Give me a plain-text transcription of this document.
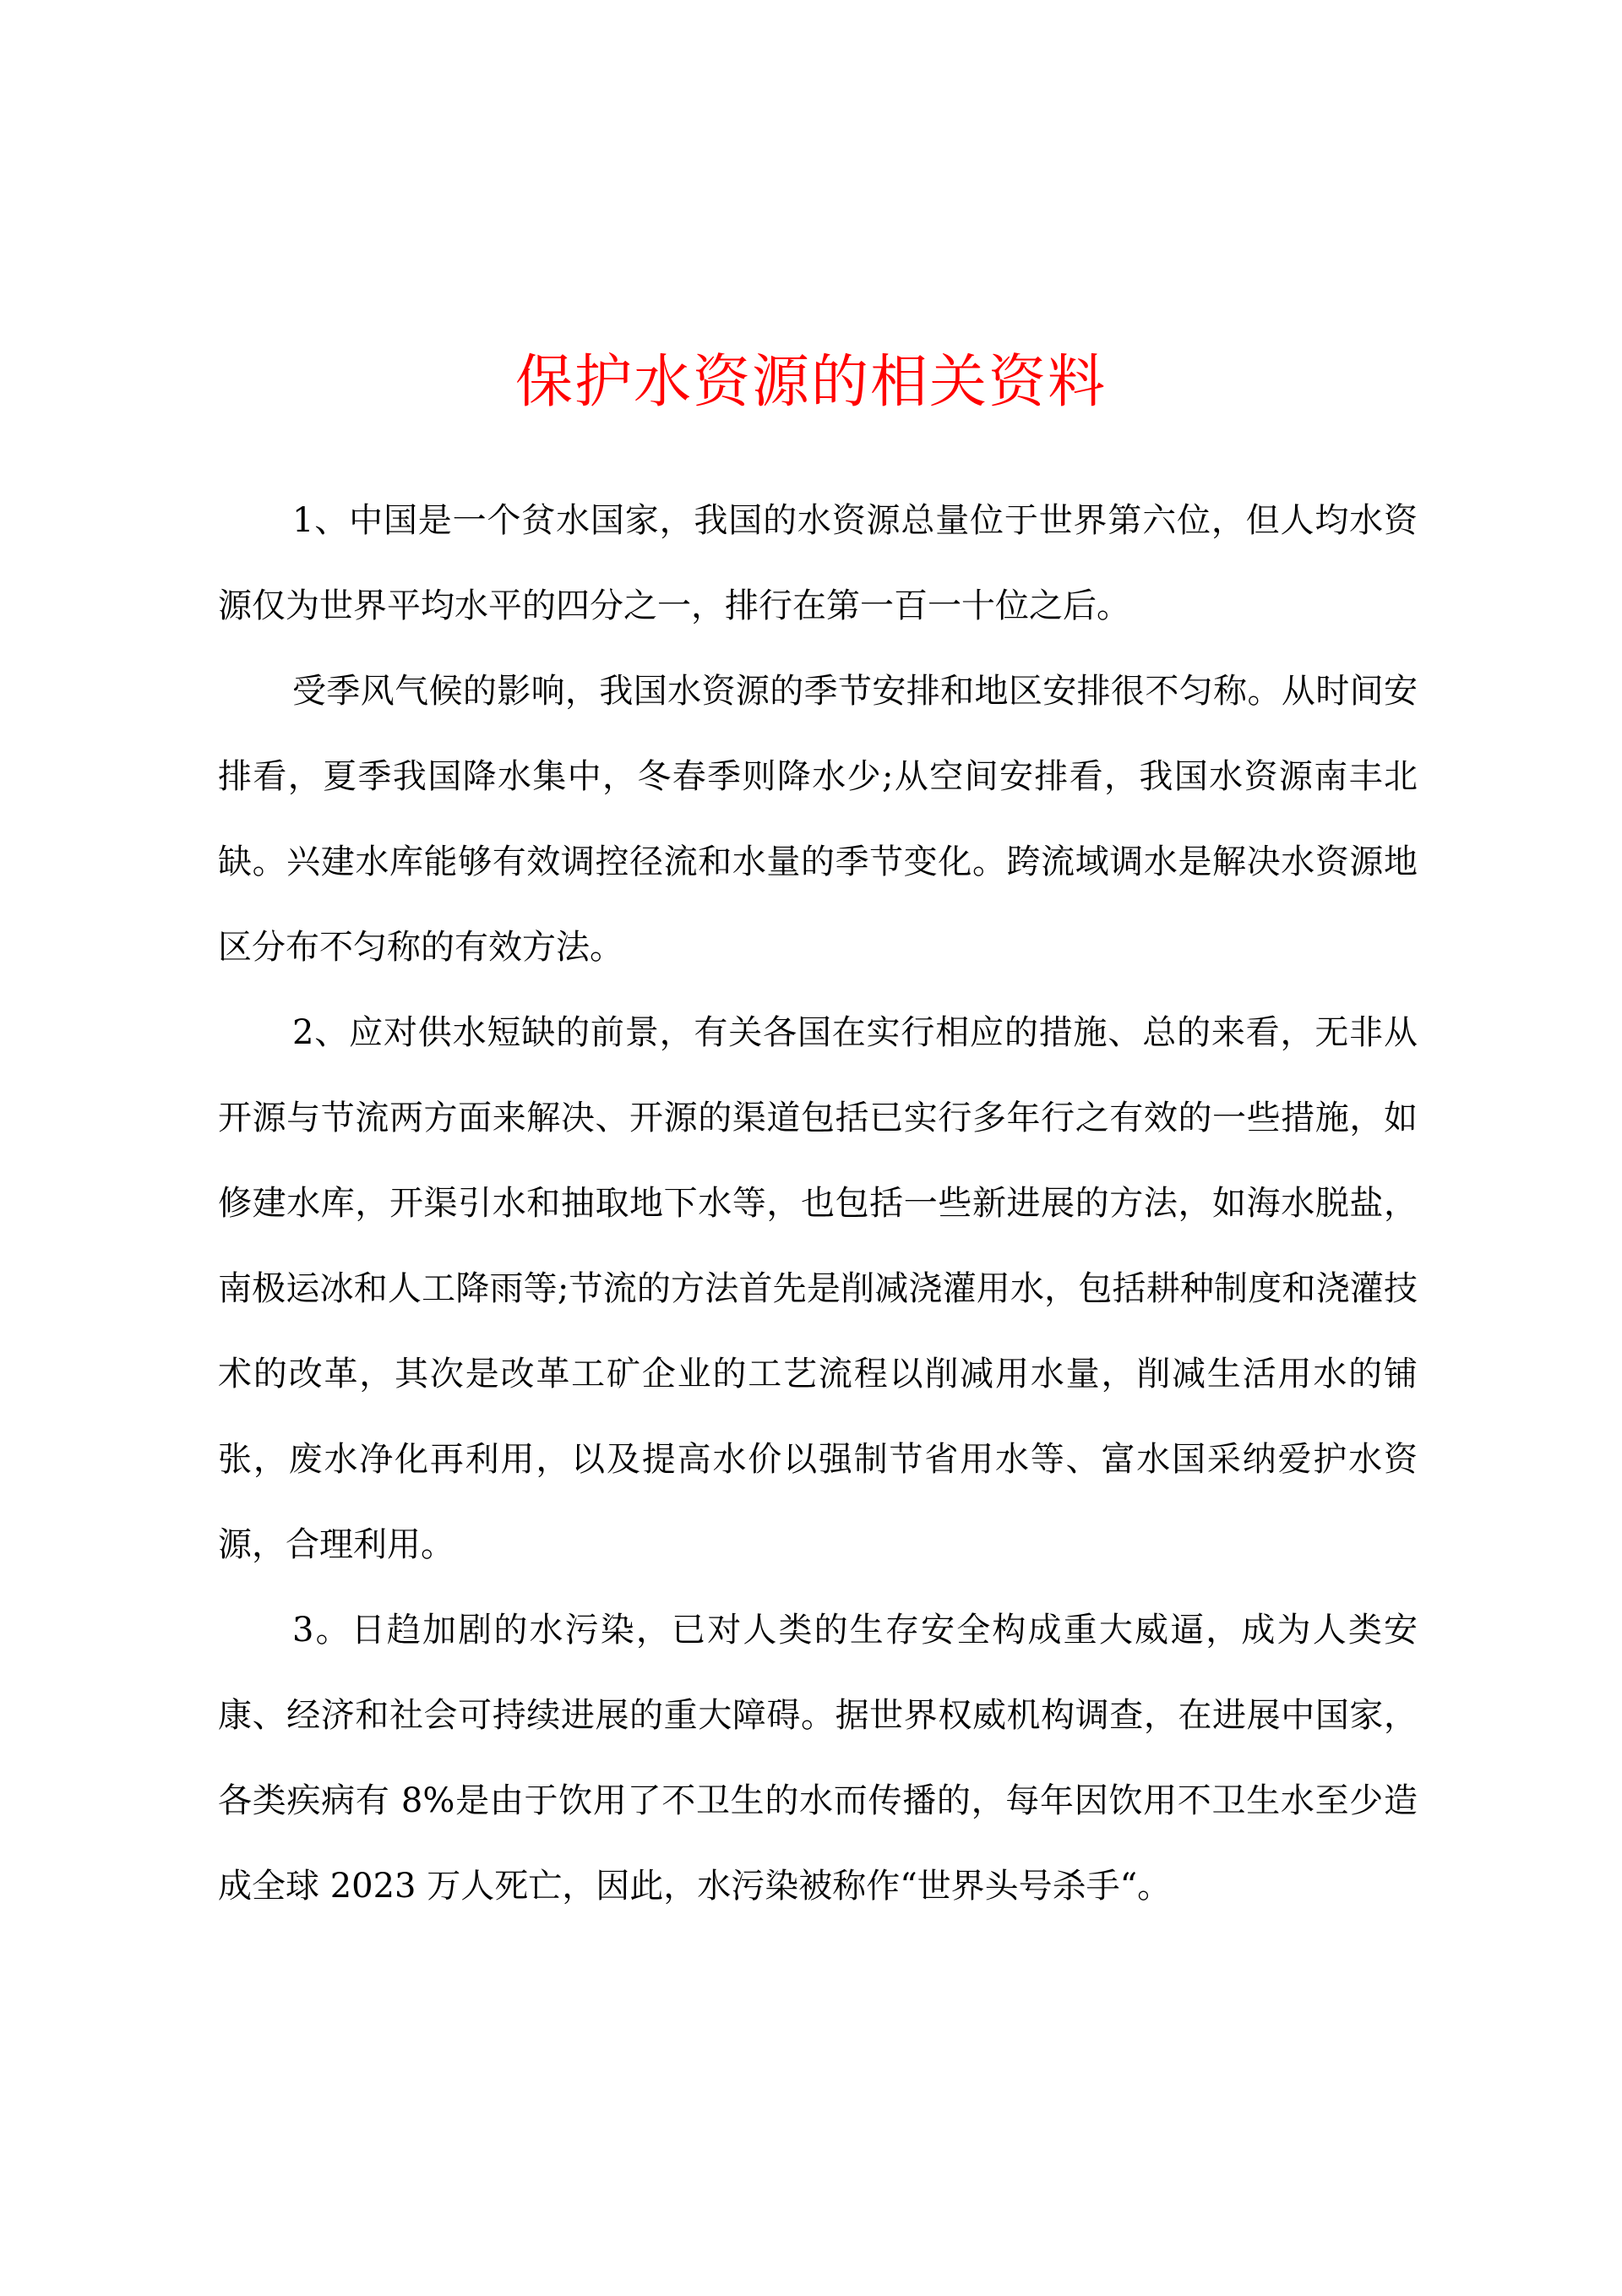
保护水资源的相关资料

1、中国是一个贫水国家，我国的水资源总量位于世界第六位，但人均水资源仅为世界平均水平的四分之一，排行在第一百一十位之后。

受季风气候的影响，我国水资源的季节安排和地区安排很不匀称。从时间安排看，夏季我国降水集中，冬春季则降水少;从空间安排看，我国水资源南丰北缺。兴建水库能够有效调控径流和水量的季节变化。跨流域调水是解决水资源地区分布不匀称的有效方法。

2、应对供水短缺的前景，有关各国在实行相应的措施、总的来看，无非从开源与节流两方面来解决、开源的渠道包括已实行多年行之有效的一些措施，如修建水库，开渠引水和抽取地下水等，也包括一些新进展的方法，如海水脱盐，南极运冰和人工降雨等;节流的方法首先是削减浇灌用水，包括耕种制度和浇灌技术的改革，其次是改革工矿企业的工艺流程以削减用水量，削减生活用水的铺张，废水净化再利用，以及提高水价以强制节省用水等、富水国采纳爱护水资源，合理利用。

3。日趋加剧的水污染，已对人类的生存安全构成重大威逼，成为人类安康、经济和社会可持续进展的重大障碍。据世界权威机构调查，在进展中国家，各类疾病有 8%是由于饮用了不卫生的水而传播的，每年因饮用不卫生水至少造成全球 2023 万人死亡，因此，水污染被称作“世界头号杀手“。
